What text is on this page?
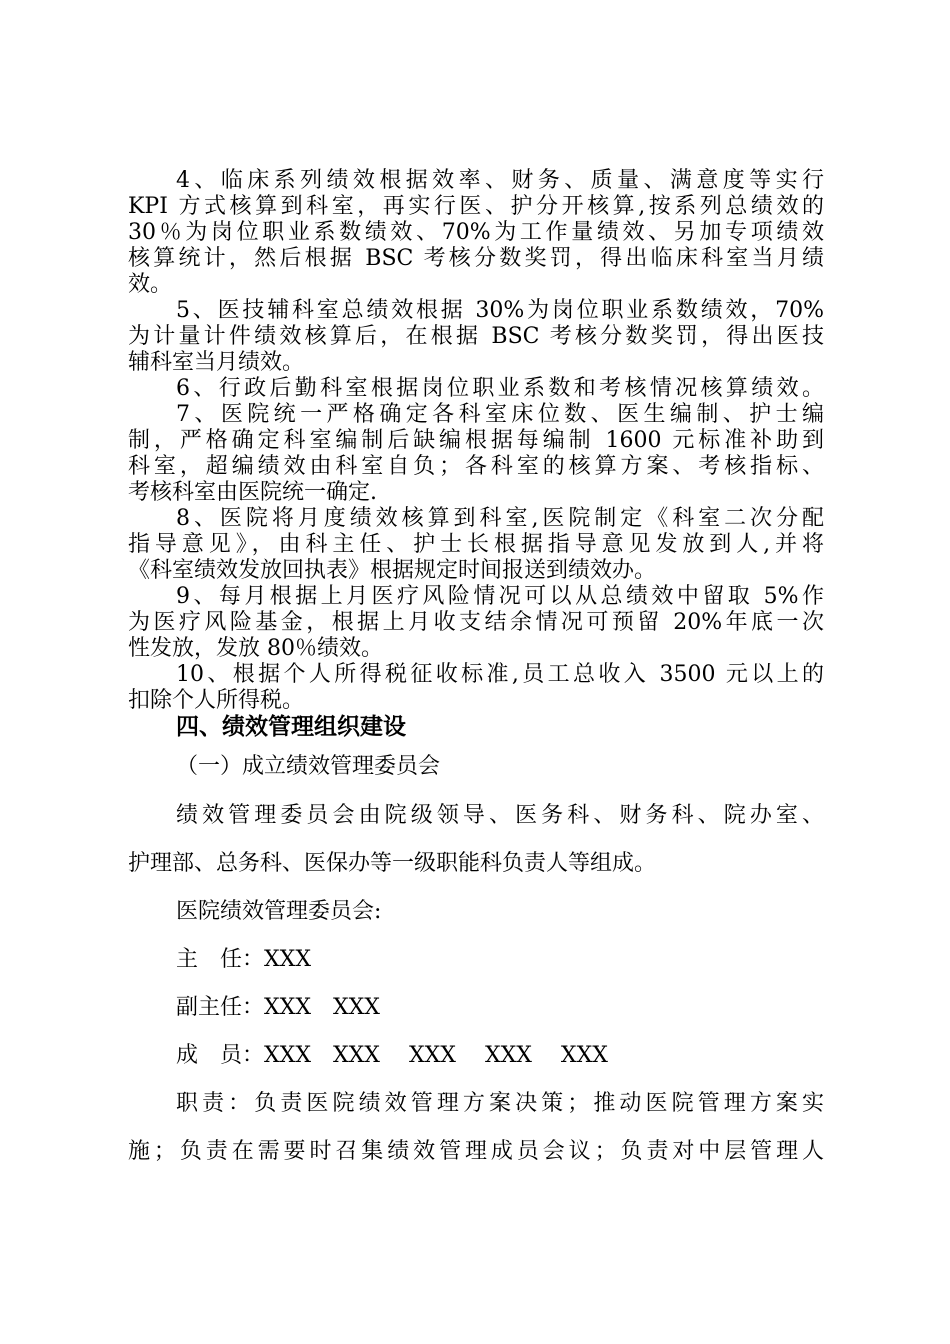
4、临床系列绩效根据效率、财务、质量、满意度等实行
KPI 方式核算到科室，再实行医、护分开核算,按系列总绩效的
30％为岗位职业系数绩效、70%为工作量绩效、另加专项绩效
核算统计，然后根据 BSC 考核分数奖罚，得出临床科室当月绩
效。
5、医技辅科室总绩效根据 30%为岗位职业系数绩效，70%
为计量计件绩效核算后，在根据 BSC 考核分数奖罚，得出医技
辅科室当月绩效。
6、行政后勤科室根据岗位职业系数和考核情况核算绩效。
7、医院统一严格确定各科室床位数、医生编制、护士编
制，严格确定科室编制后缺编根据每编制 1600 元标准补助到
科室，超编绩效由科室自负；各科室的核算方案、考核指标、
考核科室由医院统一确定.
8、医院将月度绩效核算到科室,医院制定《科室二次分配
指导意见》，由科主任、护士长根据指导意见发放到人,并将
《科室绩效发放回执表》根据规定时间报送到绩效办。
9、每月根据上月医疗风险情况可以从总绩效中留取 5%作
为医疗风险基金，根据上月收支结余情况可预留 20%年底一次
性发放，发放 80％绩效。
10、根据个人所得税征收标准,员工总收入 3500 元以上的
扣除个人所得税。
四、绩效管理组织建设
（一）成立绩效管理委员会
绩效管理委员会由院级领导、医务科、财务科、院办室、
护理部、总务科、医保办等一级职能科负责人等组成。
医院绩效管理委员会:
主　任：XXX
副主任：XXX　XXX
成　员：XXX　XXX　 XXX　 XXX　 XXX
职责：负责医院绩效管理方案决策；推动医院管理方案实
施；负责在需要时召集绩效管理成员会议；负责对中层管理人
